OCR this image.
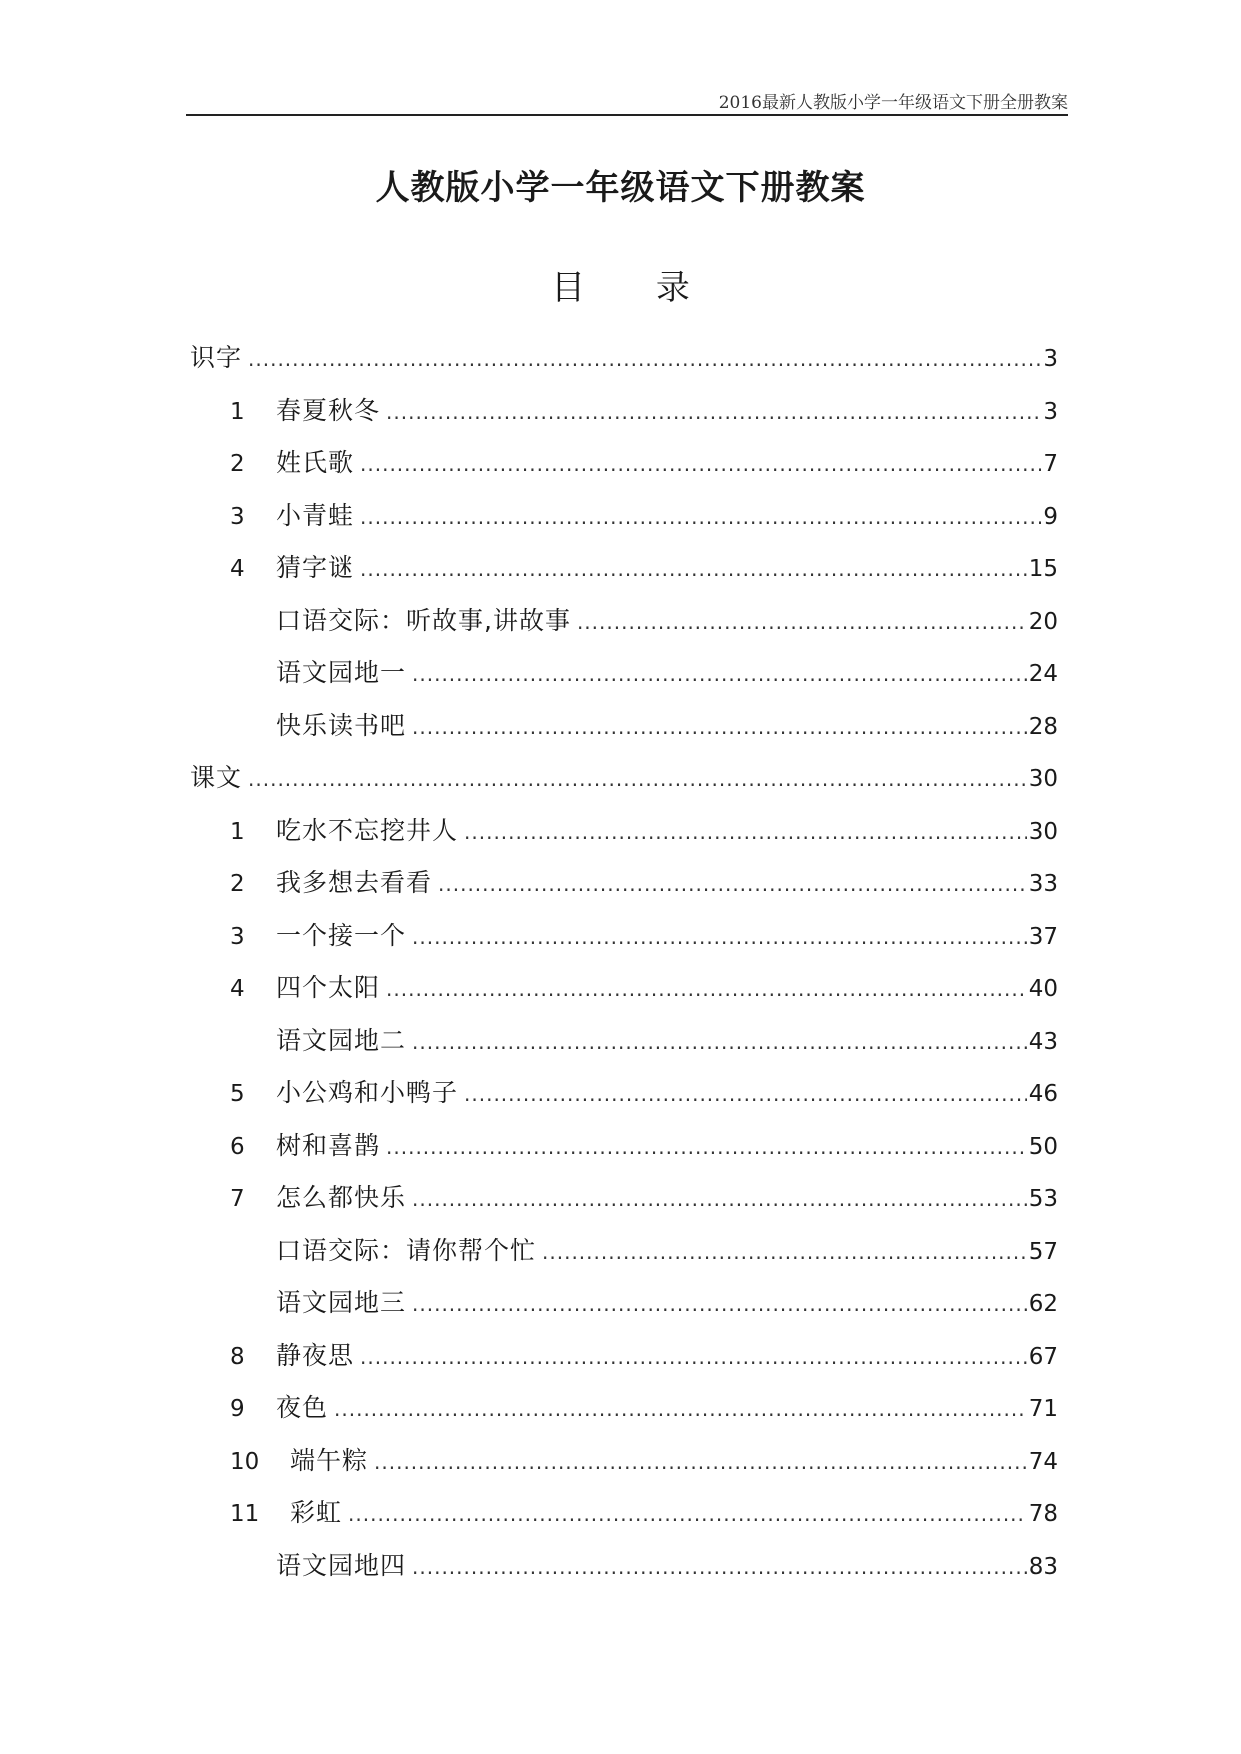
2016最新人教版小学一年级语文下册全册教案
人教版小学一年级语文下册教案
目 录
识字 .....	3
1	春夏秋冬 .....	3
2	姓氏歌 .....	7
3	小青蛙 .....	9
4	猜字谜 .....	15
口语交际：听故事,讲故事 .....	20
语文园地一 .....	24
快乐读书吧 .....	28
课文 .....	30
1	吃水不忘挖井人 .....	30
2	我多想去看看 .....	33
3	一个接一个 .....	37
4	四个太阳 .....	40
语文园地二 .....	43
5	小公鸡和小鸭子 .....	46
6	树和喜鹊 .....	50
7	怎么都快乐 .....	53
口语交际：请你帮个忙 .....	57
语文园地三 .....	62
8	静夜思 .....	67
9	夜色 .....	71
10	端午粽 .....	74
11	彩虹 .....	78
语文园地四 .....	83
